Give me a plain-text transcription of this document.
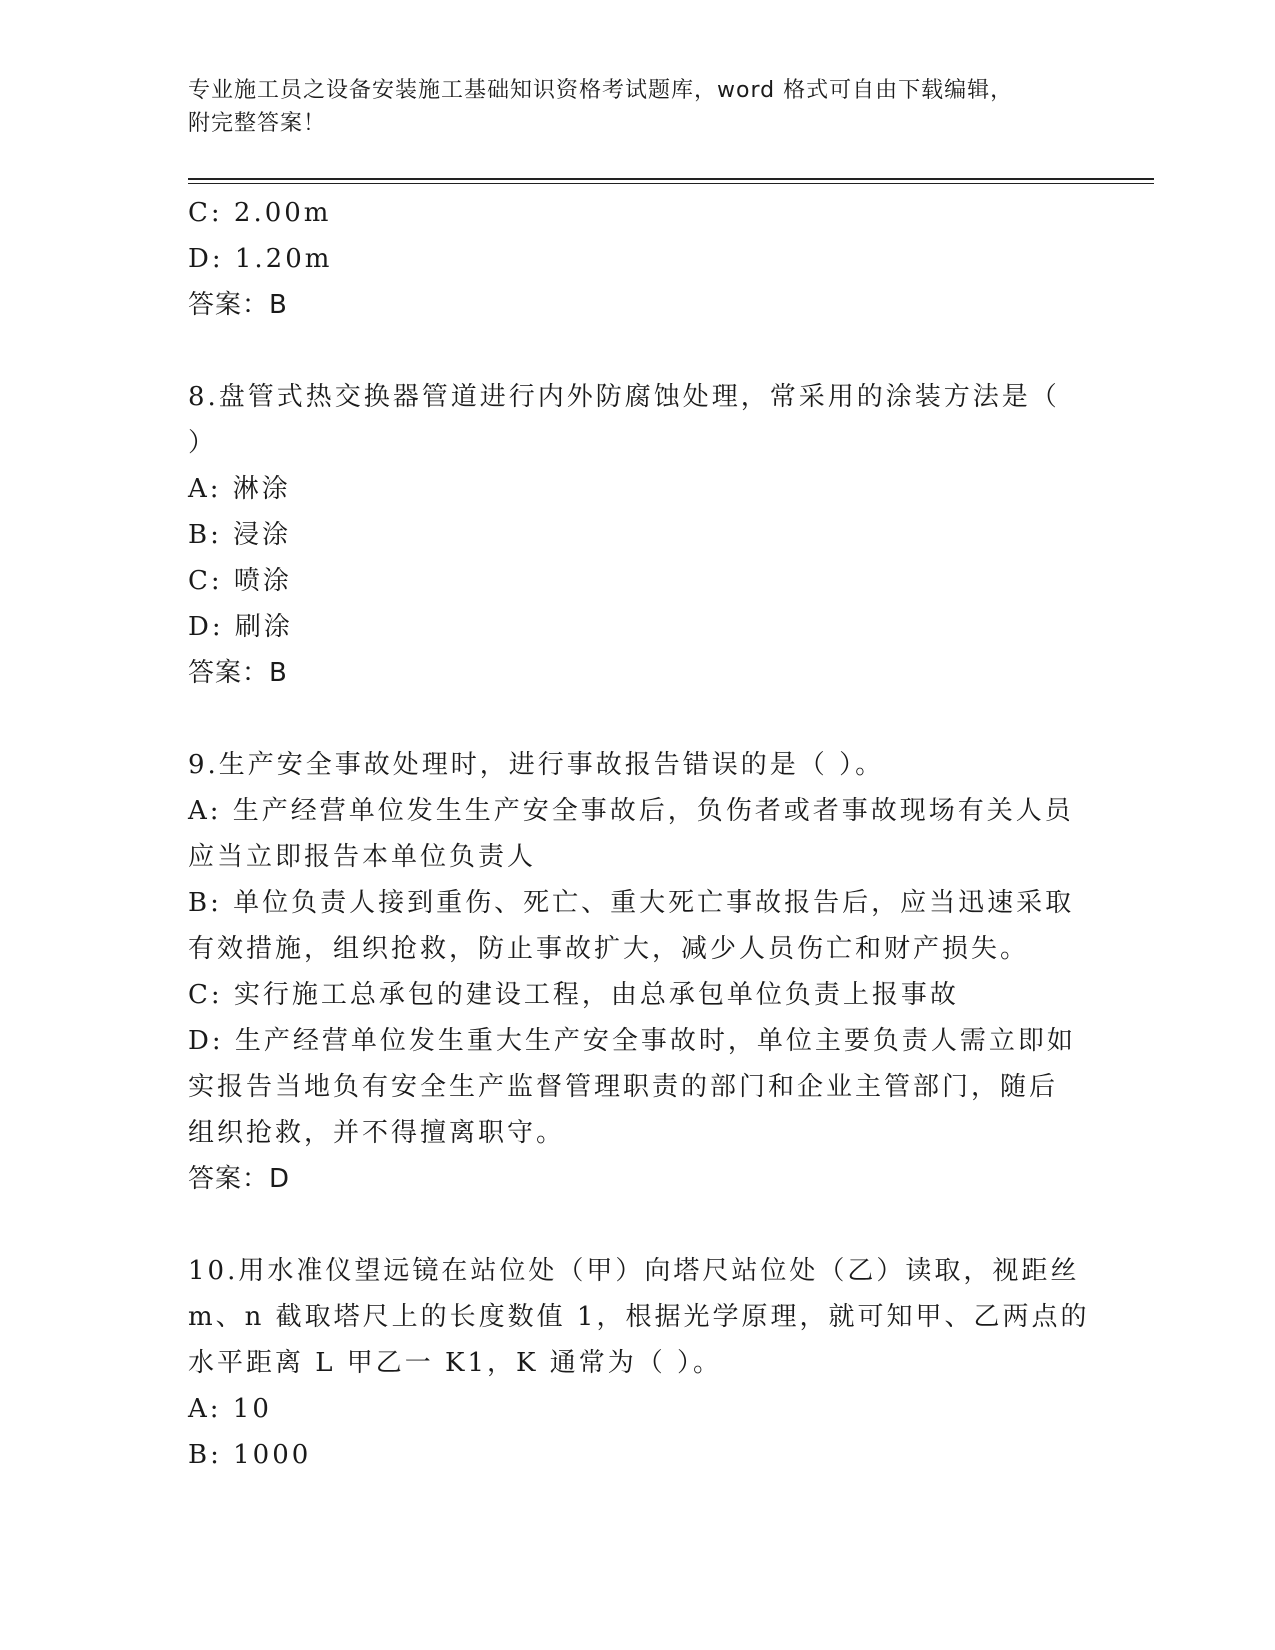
专业施工员之设备安装施工基础知识资格考试题库，word 格式可自由下载编辑，
附完整答案！
C: 2.00m
D: 1.20m
答案：B
8.盘管式热交换器管道进行内外防腐蚀处理，常采用的涂装方法是（
）
A: 淋涂
B: 浸涂
C: 喷涂
D: 刷涂
答案：B
9.生产安全事故处理时，进行事故报告错误的是（ ）。
A: 生产经营单位发生生产安全事故后，负伤者或者事故现场有关人员
应当立即报告本单位负责人
B: 单位负责人接到重伤、死亡、重大死亡事故报告后，应当迅速采取
有效措施，组织抢救，防止事故扩大，减少人员伤亡和财产损失。
C: 实行施工总承包的建设工程，由总承包单位负责上报事故
D: 生产经营单位发生重大生产安全事故时，单位主要负责人需立即如
实报告当地负有安全生产监督管理职责的部门和企业主管部门，随后
组织抢救，并不得擅离职守。
答案：D
10.用水准仪望远镜在站位处（甲）向塔尺站位处（乙）读取，视距丝
m、n 截取塔尺上的长度数值 1，根据光学原理，就可知甲、乙两点的
水平距离 L 甲乙一 K1，K 通常为（ ）。
A: 10
B: 1000
